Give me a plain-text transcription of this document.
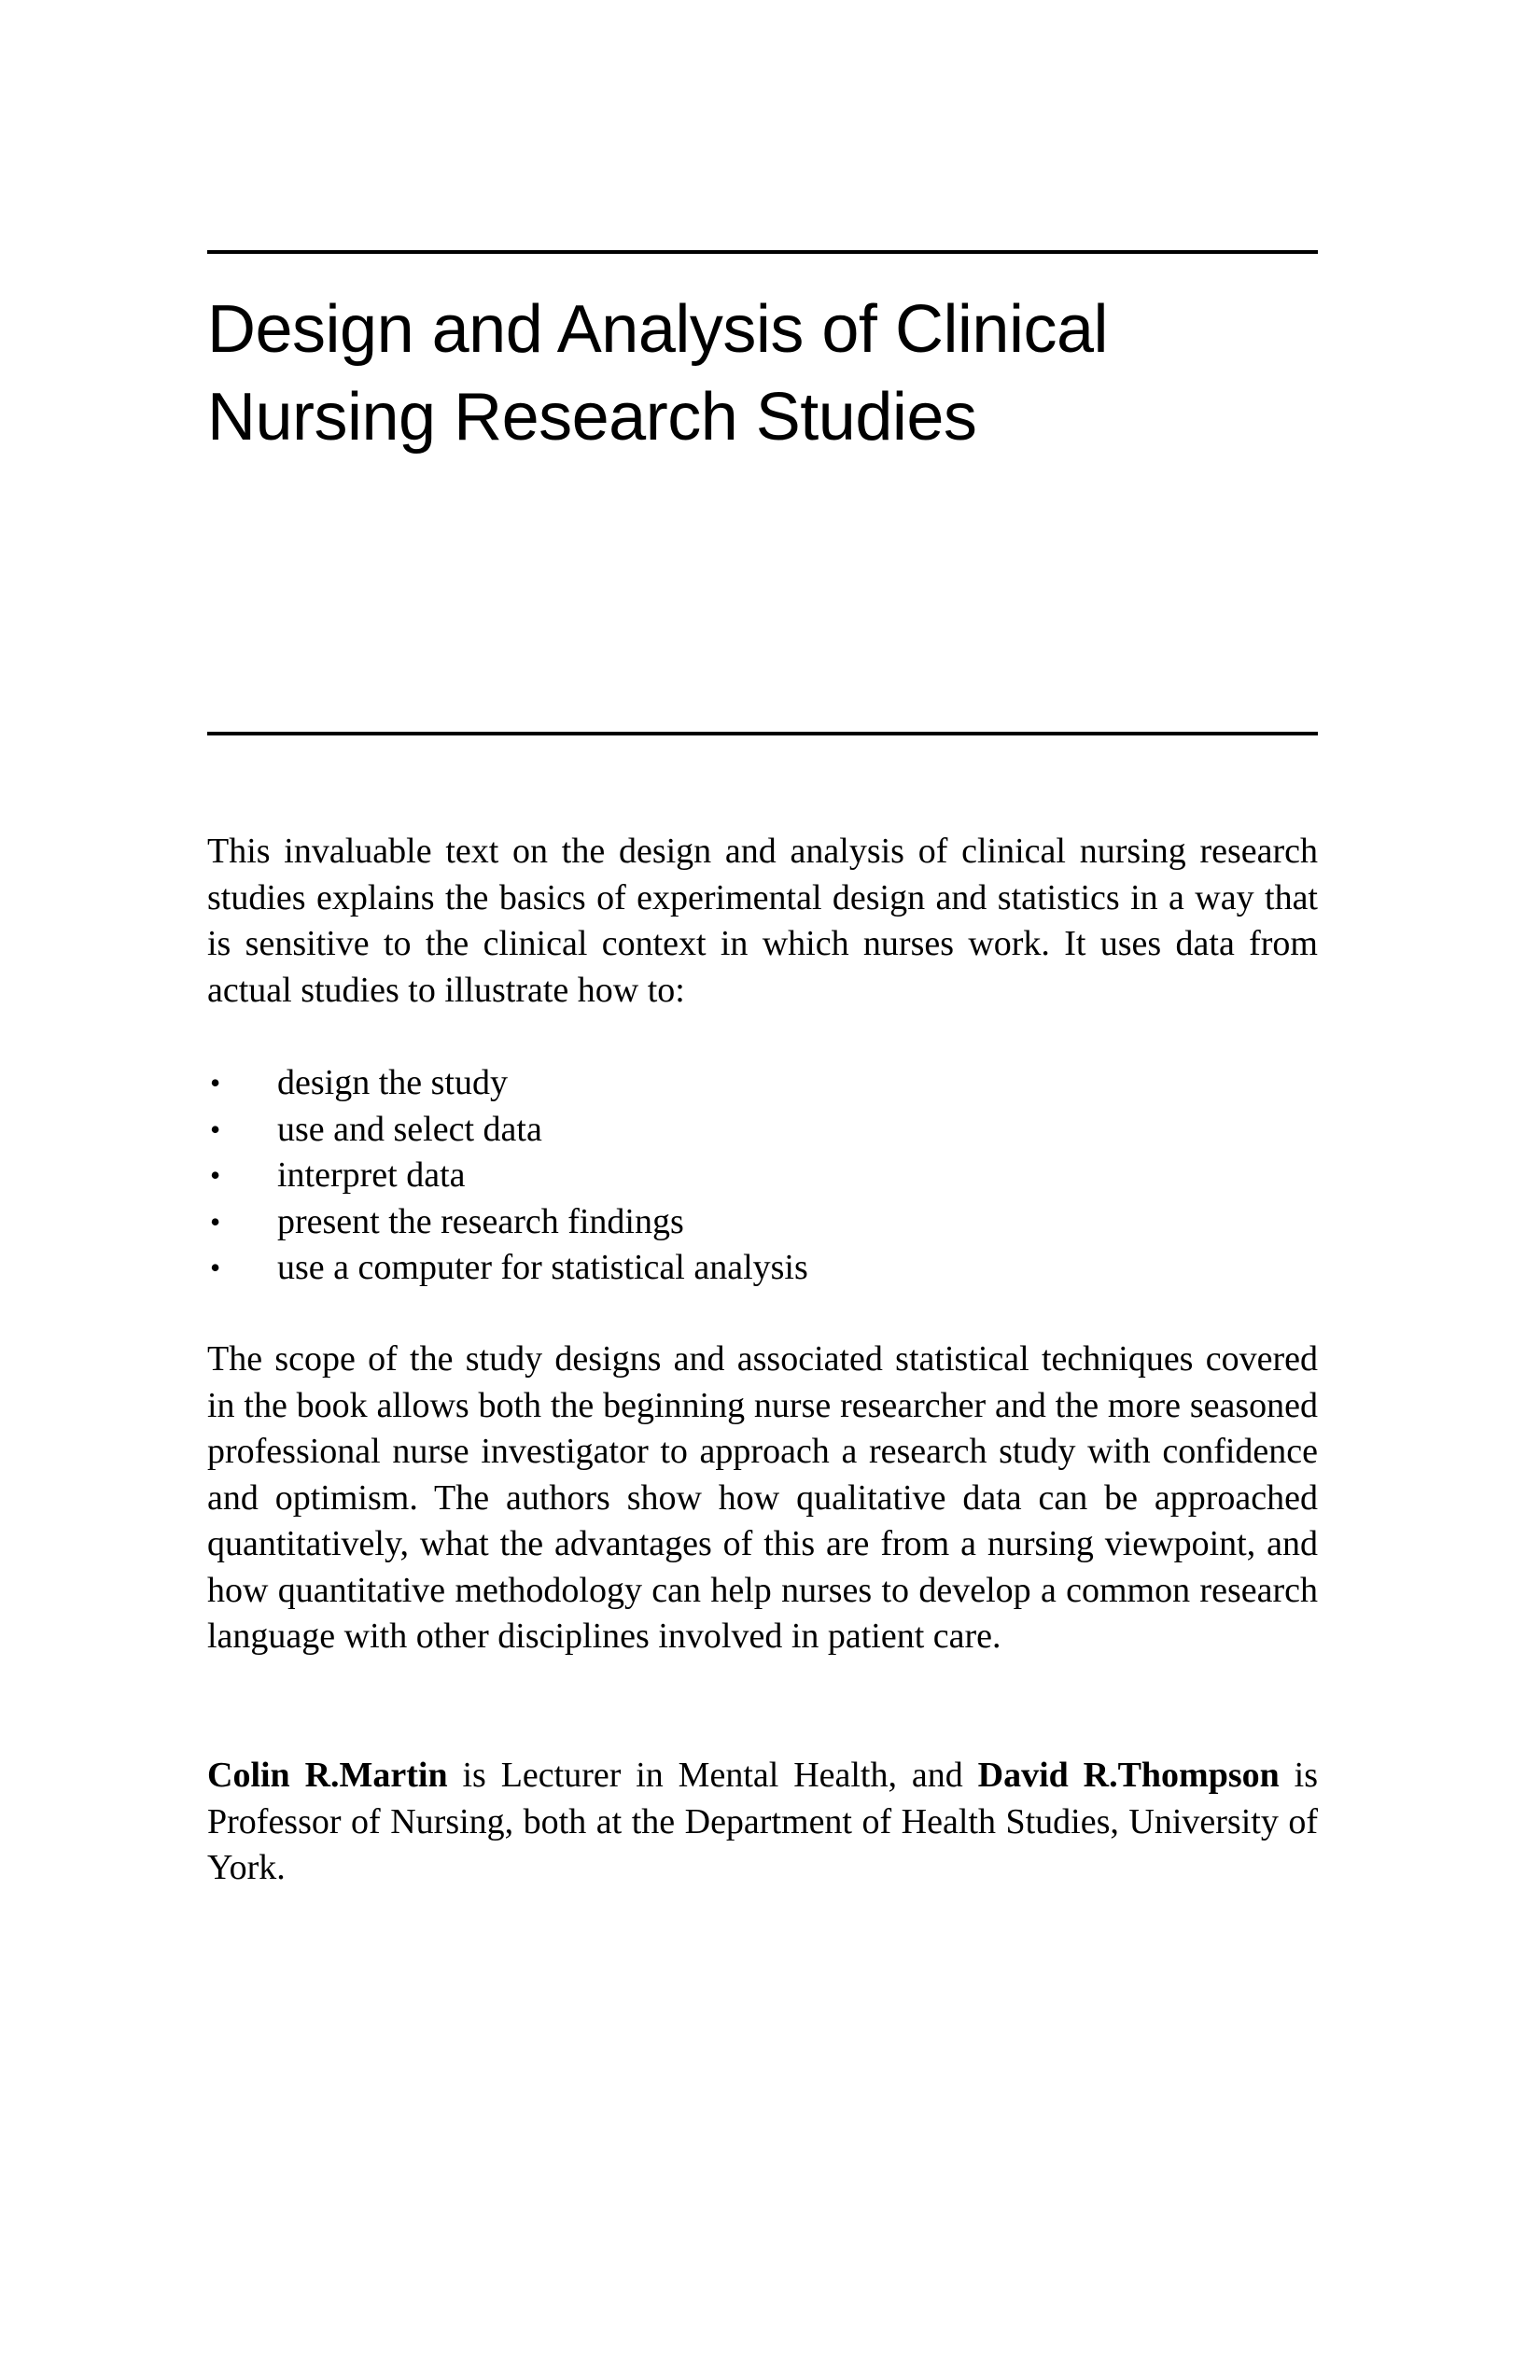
Design and Analysis of Clinical
Nursing Research Studies

This invaluable text on the design and analysis of clinical nursing research studies explains the basics of experimental design and statistics in a way that is sensitive to the clinical context in which nurses work. It uses data from actual studies to illustrate how to:

• design the study
• use and select data
• interpret data
• present the research findings
• use a computer for statistical analysis

The scope of the study designs and associated statistical techniques covered in the book allows both the beginning nurse researcher and the more seasoned professional nurse investigator to approach a research study with confidence and optimism. The authors show how qualitative data can be approached quantitatively, what the advantages of this are from a nursing viewpoint, and how quantitative methodology can help nurses to develop a common research language with other disciplines involved in patient care.

Colin R.Martin is Lecturer in Mental Health, and David R.Thompson is Professor of Nursing, both at the Department of Health Studies, University of York.
